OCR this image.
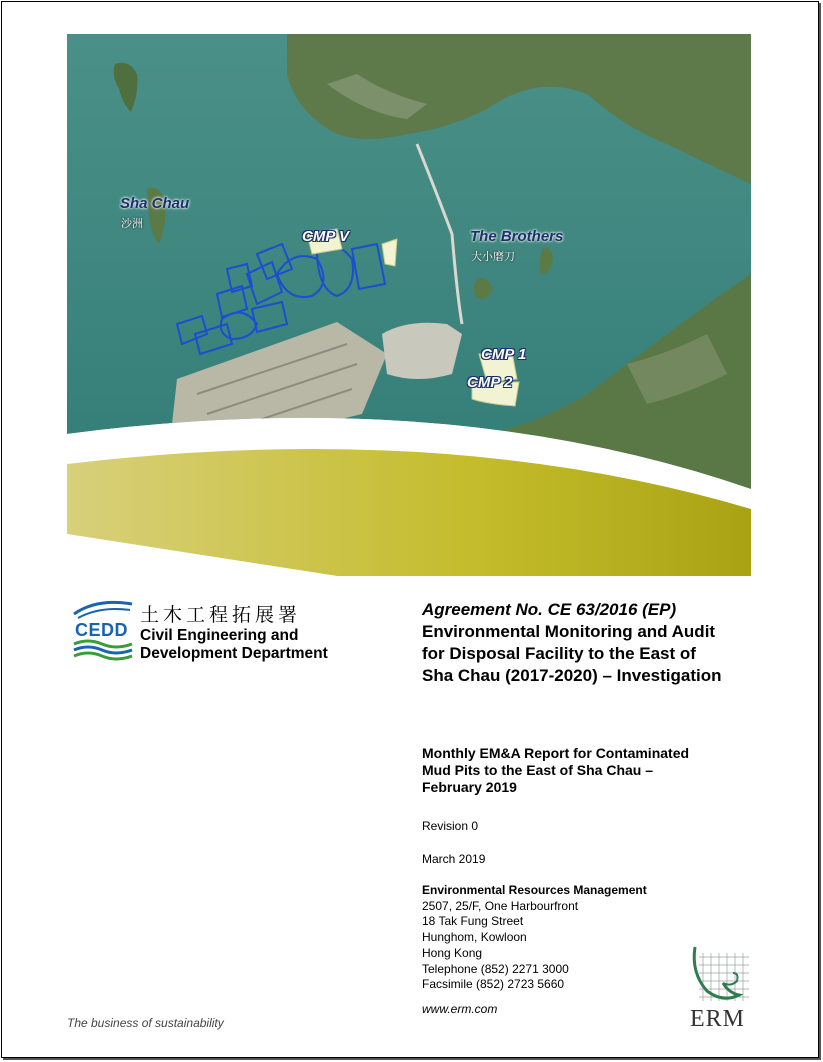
Sha Chau
沙洲
The Brothers
大小磨刀
CMP V
CMP 1
CMP 2
CEDD
土木工程拓展署
Civil Engineering and
Development Department
Agreement No. CE 63/2016 (EP)
Environmental Monitoring and Audit
for Disposal Facility to the East of
Sha Chau (2017-2020) – Investigation
Monthly EM&A Report for Contaminated
Mud Pits to the East of Sha Chau –
February 2019
Revision 0
March 2019
Environmental Resources Management
2507, 25/F, One Harbourfront
18 Tak Fung Street
Hunghom, Kowloon
Hong Kong
Telephone (852) 2271 3000
Facsimile (852) 2723 5660
www.erm.com
The business of sustainability	ERM
